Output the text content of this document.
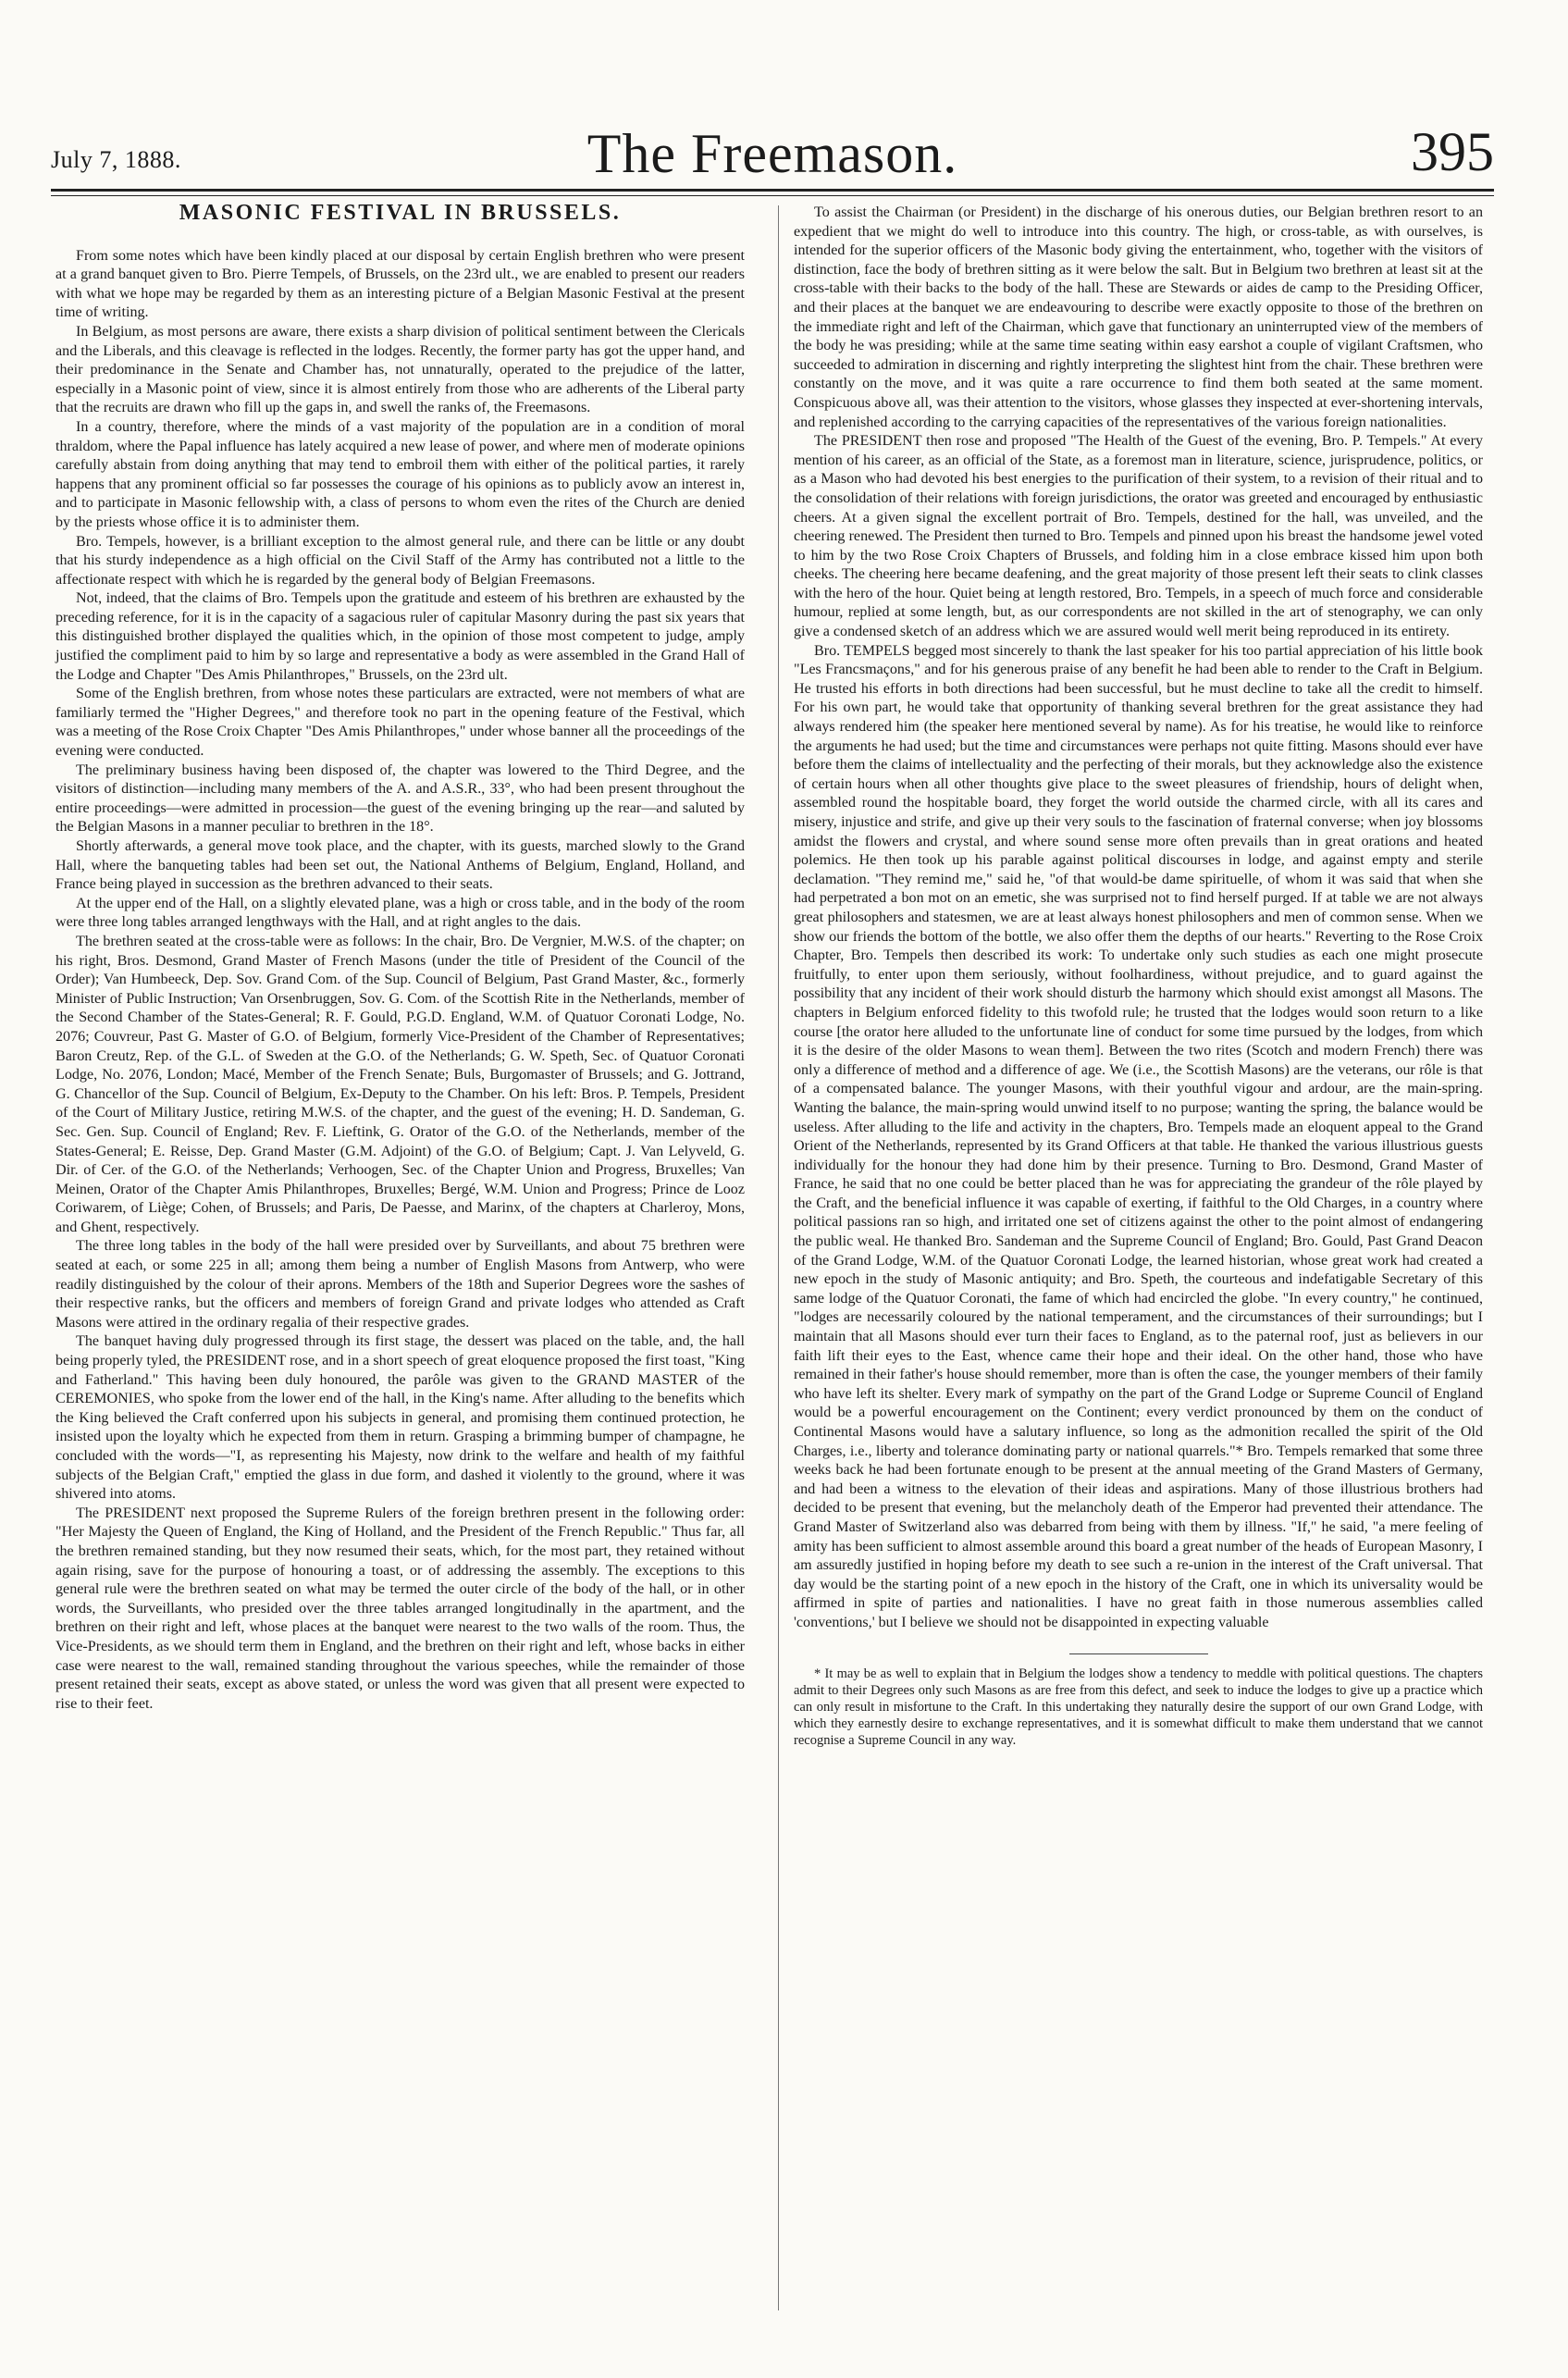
July 7, 1888.	The Freemason.	395
MASONIC FESTIVAL IN BRUSSELS.

From some notes which have been kindly placed at our disposal by certain English brethren who were present at a grand banquet given to Bro. Pierre Tempels, of Brussels, on the 23rd ult., we are enabled to present our readers with what we hope may be regarded by them as an interesting picture of a Belgian Masonic Festival at the present time of writing.

In Belgium, as most persons are aware, there exists a sharp division of political sentiment between the Clericals and the Liberals, and this cleavage is reflected in the lodges. Recently, the former party has got the upper hand, and their predominance in the Senate and Chamber has, not unnaturally, operated to the prejudice of the latter, especially in a Masonic point of view, since it is almost entirely from those who are adherents of the Liberal party that the recruits are drawn who fill up the gaps in, and swell the ranks of, the Freemasons.

In a country, therefore, where the minds of a vast majority of the population are in a condition of moral thraldom, where the Papal influence has lately acquired a new lease of power, and where men of moderate opinions carefully abstain from doing anything that may tend to embroil them with either of the political parties, it rarely happens that any prominent official so far possesses the courage of his opinions as to publicly avow an interest in, and to participate in Masonic fellowship with, a class of persons to whom even the rites of the Church are denied by the priests whose office it is to administer them.

Bro. Tempels, however, is a brilliant exception to the almost general rule, and there can be little or any doubt that his sturdy independence as a high official on the Civil Staff of the Army has contributed not a little to the affectionate respect with which he is regarded by the general body of Belgian Freemasons.

Not, indeed, that the claims of Bro. Tempels upon the gratitude and esteem of his brethren are exhausted by the preceding reference, for it is in the capacity of a sagacious ruler of capitular Masonry during the past six years that this distinguished brother displayed the qualities which, in the opinion of those most competent to judge, amply justified the compliment paid to him by so large and representative a body as were assembled in the Grand Hall of the Lodge and Chapter "Des Amis Philanthropes," Brussels, on the 23rd ult.

Some of the English brethren, from whose notes these particulars are extracted, were not members of what are familiarly termed the "Higher Degrees," and therefore took no part in the opening feature of the Festival, which was a meeting of the Rose Croix Chapter "Des Amis Philanthropes," under whose banner all the proceedings of the evening were conducted.

The preliminary business having been disposed of, the chapter was lowered to the Third Degree, and the visitors of distinction—including many members of the A. and A.S.R., 33°, who had been present throughout the entire proceedings—were admitted in procession—the guest of the evening bringing up the rear—and saluted by the Belgian Masons in a manner peculiar to brethren in the 18°.

Shortly afterwards, a general move took place, and the chapter, with its guests, marched slowly to the Grand Hall, where the banqueting tables had been set out, the National Anthems of Belgium, England, Holland, and France being played in succession as the brethren advanced to their seats.

At the upper end of the Hall, on a slightly elevated plane, was a high or cross table, and in the body of the room were three long tables arranged lengthways with the Hall, and at right angles to the dais.

The brethren seated at the cross-table were as follows: In the chair, Bro. De Vergnier, M.W.S. of the chapter; on his right, Bros. Desmond, Grand Master of French Masons (under the title of President of the Council of the Order); Van Humbeeck, Dep. Sov. Grand Com. of the Sup. Council of Belgium, Past Grand Master, &c., formerly Minister of Public Instruction; Van Orsenbruggen, Sov. G. Com. of the Scottish Rite in the Netherlands, member of the Second Chamber of the States-General; R. F. Gould, P.G.D. England, W.M. of Quatuor Coronati Lodge, No. 2076; Couvreur, Past G. Master of G.O. of Belgium, formerly Vice-President of the Chamber of Representatives; Baron Creutz, Rep. of the G.L. of Sweden at the G.O. of the Netherlands; G. W. Speth, Sec. of Quatuor Coronati Lodge, No. 2076, London; Macé, Member of the French Senate; Buls, Burgomaster of Brussels; and G. Jottrand, G. Chancellor of the Sup. Council of Belgium, Ex-Deputy to the Chamber. On his left: Bros. P. Tempels, President of the Court of Military Justice, retiring M.W.S. of the chapter, and the guest of the evening; H. D. Sandeman, G. Sec. Gen. Sup. Council of England; Rev. F. Lieftink, G. Orator of the G.O. of the Netherlands, member of the States-General; E. Reisse, Dep. Grand Master (G.M. Adjoint) of the G.O. of Belgium; Capt. J. Van Lelyveld, G. Dir. of Cer. of the G.O. of the Netherlands; Verhoogen, Sec. of the Chapter Union and Progress, Bruxelles; Van Meinen, Orator of the Chapter Amis Philanthropes, Bruxelles; Bergé, W.M. Union and Progress; Prince de Looz Coriwarem, of Liège; Cohen, of Brussels; and Paris, De Paesse, and Marinx, of the chapters at Charleroy, Mons, and Ghent, respectively.

The three long tables in the body of the hall were presided over by Surveillants, and about 75 brethren were seated at each, or some 225 in all; among them being a number of English Masons from Antwerp, who were readily distinguished by the colour of their aprons. Members of the 18th and Superior Degrees wore the sashes of their respective ranks, but the officers and members of foreign Grand and private lodges who attended as Craft Masons were attired in the ordinary regalia of their respective grades.

The banquet having duly progressed through its first stage, the dessert was placed on the table, and, the hall being properly tyled, the PRESIDENT rose, and in a short speech of great eloquence proposed the first toast, "King and Fatherland." This having been duly honoured, the parôle was given to the GRAND MASTER of the CEREMONIES, who spoke from the lower end of the hall, in the King's name. After alluding to the benefits which the King believed the Craft conferred upon his subjects in general, and promising them continued protection, he insisted upon the loyalty which he expected from them in return. Grasping a brimming bumper of champagne, he concluded with the words—"I, as representing his Majesty, now drink to the welfare and health of my faithful subjects of the Belgian Craft," emptied the glass in due form, and dashed it violently to the ground, where it was shivered into atoms.

The PRESIDENT next proposed the Supreme Rulers of the foreign brethren present in the following order: "Her Majesty the Queen of England, the King of Holland, and the President of the French Republic." Thus far, all the brethren remained standing, but they now resumed their seats, which, for the most part, they retained without again rising, save for the purpose of honouring a toast, or of addressing the assembly. The exceptions to this general rule were the brethren seated on what may be termed the outer circle of the body of the hall, or in other words, the Surveillants, who presided over the three tables arranged longitudinally in the apartment, and the brethren on their right and left, whose places at the banquet were nearest to the two walls of the room. Thus, the Vice-Presidents, as we should term them in England, and the brethren on their right and left, whose backs in either case were nearest to the wall, remained standing throughout the various speeches, while the remainder of those present retained their seats, except as above stated, or unless the word was given that all present were expected to rise to their feet.

To assist the Chairman (or President) in the discharge of his onerous duties, our Belgian brethren resort to an expedient that we might do well to introduce into this country. The high, or cross-table, as with ourselves, is intended for the superior officers of the Masonic body giving the entertainment, who, together with the visitors of distinction, face the body of brethren sitting as it were below the salt. But in Belgium two brethren at least sit at the cross-table with their backs to the body of the hall. These are Stewards or aides de camp to the Presiding Officer, and their places at the banquet we are endeavouring to describe were exactly opposite to those of the brethren on the immediate right and left of the Chairman, which gave that functionary an uninterrupted view of the members of the body he was presiding; while at the same time seating within easy earshot a couple of vigilant Craftsmen, who succeeded to admiration in discerning and rightly interpreting the slightest hint from the chair. These brethren were constantly on the move, and it was quite a rare occurrence to find them both seated at the same moment. Conspicuous above all, was their attention to the visitors, whose glasses they inspected at ever-shortening intervals, and replenished according to the carrying capacities of the representatives of the various foreign nationalities.

The PRESIDENT then rose and proposed "The Health of the Guest of the evening, Bro. P. Tempels." At every mention of his career, as an official of the State, as a foremost man in literature, science, jurisprudence, politics, or as a Mason who had devoted his best energies to the purification of their system, to a revision of their ritual and to the consolidation of their relations with foreign jurisdictions, the orator was greeted and encouraged by enthusiastic cheers. At a given signal the excellent portrait of Bro. Tempels, destined for the hall, was unveiled, and the cheering renewed. The President then turned to Bro. Tempels and pinned upon his breast the handsome jewel voted to him by the two Rose Croix Chapters of Brussels, and folding him in a close embrace kissed him upon both cheeks. The cheering here became deafening, and the great majority of those present left their seats to clink classes with the hero of the hour. Quiet being at length restored, Bro. Tempels, in a speech of much force and considerable humour, replied at some length, but, as our correspondents are not skilled in the art of stenography, we can only give a condensed sketch of an address which we are assured would well merit being reproduced in its entirety.

Bro. TEMPELS begged most sincerely to thank the last speaker for his too partial appreciation of his little book "Les Francsmaçons," and for his generous praise of any benefit he had been able to render to the Craft in Belgium. He trusted his efforts in both directions had been successful, but he must decline to take all the credit to himself. For his own part, he would take that opportunity of thanking several brethren for the great assistance they had always rendered him (the speaker here mentioned several by name). As for his treatise, he would like to reinforce the arguments he had used; but the time and circumstances were perhaps not quite fitting. Masons should ever have before them the claims of intellectuality and the perfecting of their morals, but they acknowledge also the existence of certain hours when all other thoughts give place to the sweet pleasures of friendship, hours of delight when, assembled round the hospitable board, they forget the world outside the charmed circle, with all its cares and misery, injustice and strife, and give up their very souls to the fascination of fraternal converse; when joy blossoms amidst the flowers and crystal, and where sound sense more often prevails than in great orations and heated polemics. He then took up his parable against political discourses in lodge, and against empty and sterile declamation. "They remind me," said he, "of that would-be dame spirituelle, of whom it was said that when she had perpetrated a bon mot on an emetic, she was surprised not to find herself purged. If at table we are not always great philosophers and statesmen, we are at least always honest philosophers and men of common sense. When we show our friends the bottom of the bottle, we also offer them the depths of our hearts." Reverting to the Rose Croix Chapter, Bro. Tempels then described its work: To undertake only such studies as each one might prosecute fruitfully, to enter upon them seriously, without foolhardiness, without prejudice, and to guard against the possibility that any incident of their work should disturb the harmony which should exist amongst all Masons. The chapters in Belgium enforced fidelity to this twofold rule; he trusted that the lodges would soon return to a like course [the orator here alluded to the unfortunate line of conduct for some time pursued by the lodges, from which it is the desire of the older Masons to wean them]. Between the two rites (Scotch and modern French) there was only a difference of method and a difference of age. We (i.e., the Scottish Masons) are the veterans, our rôle is that of a compensated balance. The younger Masons, with their youthful vigour and ardour, are the main-spring. Wanting the balance, the main-spring would unwind itself to no purpose; wanting the spring, the balance would be useless. After alluding to the life and activity in the chapters, Bro. Tempels made an eloquent appeal to the Grand Orient of the Netherlands, represented by its Grand Officers at that table. He thanked the various illustrious guests individually for the honour they had done him by their presence. Turning to Bro. Desmond, Grand Master of France, he said that no one could be better placed than he was for appreciating the grandeur of the rôle played by the Craft, and the beneficial influence it was capable of exerting, if faithful to the Old Charges, in a country where political passions ran so high, and irritated one set of citizens against the other to the point almost of endangering the public weal. He thanked Bro. Sandeman and the Supreme Council of England; Bro. Gould, Past Grand Deacon of the Grand Lodge, W.M. of the Quatuor Coronati Lodge, the learned historian, whose great work had created a new epoch in the study of Masonic antiquity; and Bro. Speth, the courteous and indefatigable Secretary of this same lodge of the Quatuor Coronati, the fame of which had encircled the globe. "In every country," he continued, "lodges are necessarily coloured by the national temperament, and the circumstances of their surroundings; but I maintain that all Masons should ever turn their faces to England, as to the paternal roof, just as believers in our faith lift their eyes to the East, whence came their hope and their ideal. On the other hand, those who have remained in their father's house should remember, more than is often the case, the younger members of their family who have left its shelter. Every mark of sympathy on the part of the Grand Lodge or Supreme Council of England would be a powerful encouragement on the Continent; every verdict pronounced by them on the conduct of Continental Masons would have a salutary influence, so long as the admonition recalled the spirit of the Old Charges, i.e., liberty and tolerance dominating party or national quarrels."* Bro. Tempels remarked that some three weeks back he had been fortunate enough to be present at the annual meeting of the Grand Masters of Germany, and had been a witness to the elevation of their ideas and aspirations. Many of those illustrious brothers had decided to be present that evening, but the melancholy death of the Emperor had prevented their attendance. The Grand Master of Switzerland also was debarred from being with them by illness. "If," he said, "a mere feeling of amity has been sufficient to almost assemble around this board a great number of the heads of European Masonry, I am assuredly justified in hoping before my death to see such a re-union in the interest of the Craft universal. That day would be the starting point of a new epoch in the history of the Craft, one in which its universality would be affirmed in spite of parties and nationalities. I have no great faith in those numerous assemblies called 'conventions,' but I believe we should not be disappointed in expecting valuable

* It may be as well to explain that in Belgium the lodges show a tendency to meddle with political questions. The chapters admit to their Degrees only such Masons as are free from this defect, and seek to induce the lodges to give up a practice which can only result in misfortune to the Craft. In this undertaking they naturally desire the support of our own Grand Lodge, with which they earnestly desire to exchange representatives, and it is somewhat difficult to make them understand that we cannot recognise a Supreme Council in any way.
